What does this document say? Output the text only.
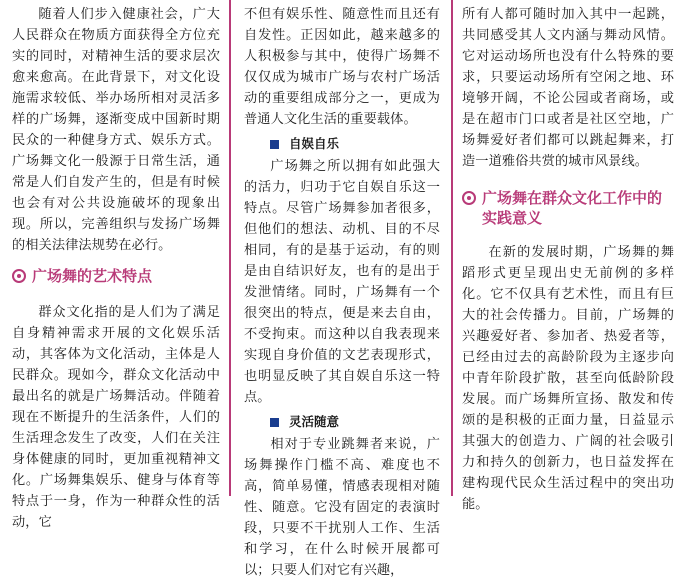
随着人们步入健康社会，广大人民群众在物质方面获得全方位充实的同时，对精神生活的要求层次愈来愈高。在此背景下，对文化设施需求较低、举办场所相对灵活多样的广场舞，逐渐变成中国新时期民众的一种健身方式、娱乐方式。广场舞文化一般源于日常生活，通常是人们自发产生的，但是有时候也会有对公共设施破坏的现象出现。所以，完善组织与发扬广场舞的相关法律法规势在必行。

广场舞的艺术特点

群众文化指的是人们为了满足自身精神需求开展的文化娱乐活动，其客体为文化活动，主体是人民群众。现如今，群众文化活动中最出名的就是广场舞活动。伴随着现在不断提升的生活条件，人们的生活理念发生了改变，人们在关注身体健康的同时，更加重视精神文化。广场舞集娱乐、健身与体育等特点于一身，作为一种群众性的活动，它

不但有娱乐性、随意性而且还有自发性。正因如此，越来越多的人积极参与其中，使得广场舞不仅仅成为城市广场与农村广场活动的重要组成部分之一，更成为普通人文化生活的重要载体。

自娱自乐

广场舞之所以拥有如此强大的活力，归功于它自娱自乐这一特点。尽管广场舞参加者很多，但他们的想法、动机、目的不尽相同，有的是基于运动，有的则是由自结识好友，也有的是出于发泄情绪。同时，广场舞有一个很突出的特点，便是来去自由，不受拘束。而这种以自我表现来实现自身价值的文艺表现形式，也明显反映了其自娱自乐这一特点。

灵活随意

相对于专业跳舞者来说，广场舞操作门槛不高、难度也不高，简单易懂，情感表现相对随性、随意。它没有固定的表演时段，只要不干扰别人工作、生活和学习，在什么时候开展都可以；只要人们对它有兴趣，

所有人都可随时加入其中一起跳，共同感受其人文内涵与舞动风情。它对运动场所也没有什么特殊的要求，只要运动场所有空闲之地、环境够开阔，不论公园或者商场，或是在超市门口或者是社区空地，广场舞爱好者们都可以跳起舞来，打造一道雅俗共赏的城市风景线。

广场舞在群众文化工作中的实践意义

在新的发展时期，广场舞的舞蹈形式更呈现出史无前例的多样化。它不仅具有艺术性，而且有巨大的社会传播力。目前，广场舞的兴趣爱好者、参加者、热爱者等，已经由过去的高龄阶段为主逐步向中青年阶段扩散，甚至向低龄阶段发展。而广场舞所宣扬、散发和传颂的是积极的正面力量，日益显示其强大的创造力、广阔的社会吸引力和持久的创新力，也日益发挥在建构现代民众生活过程中的突出功能。
